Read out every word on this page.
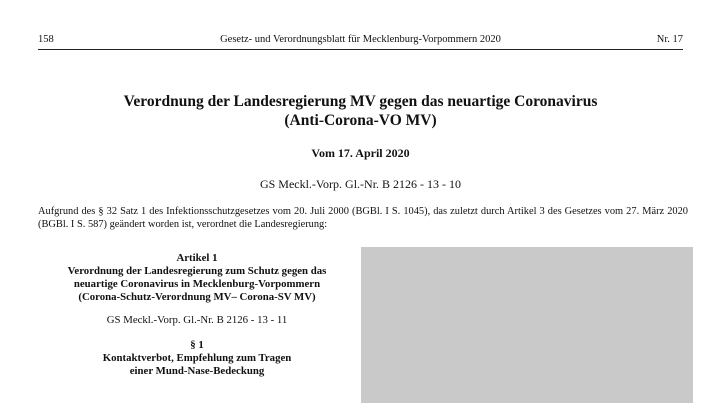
158	Gesetz- und Verordnungsblatt für Mecklenburg-Vorpommern 2020	Nr. 17
Verordnung der Landesregierung MV gegen das neuartige Coronavirus
(Anti-Corona-VO MV)
Vom 17. April 2020
GS Meckl.-Vorp. Gl.-Nr. B 2126 - 13 - 10
Aufgrund des § 32 Satz 1 des Infektionsschutzgesetzes vom 20. Juli 2000 (BGBl. I S. 1045), das zuletzt durch Artikel 3 des Gesetzes vom 27. März 2020 (BGBl. I S. 587) geändert worden ist, verordnet die Landesregierung:
Artikel 1
Verordnung der Landesregierung zum Schutz gegen das
neuartige Coronavirus in Mecklenburg-Vorpommern
(Corona-Schutz-Verordnung MV– Corona-SV MV)
GS Meckl.-Vorp. Gl.-Nr. B 2126 - 13 - 11
§ 1
Kontaktverbot, Empfehlung zum Tragen
einer Mund-Nase-Bedeckung
